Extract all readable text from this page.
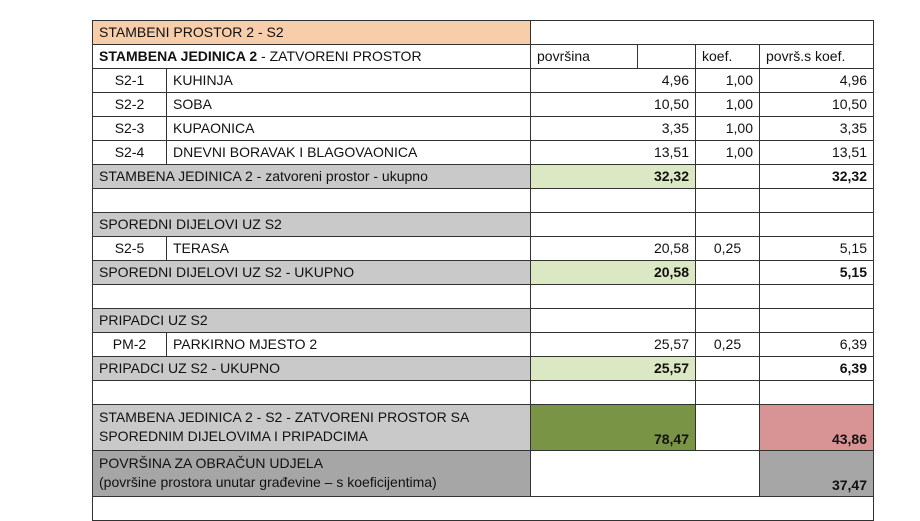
STAMBENI PROSTOR 2 - S2					
STAMBENA JEDINICA 2 - ZATVORENI PROSTOR		površina		koef.	površ.s koef.
S2-1	KUHINJA	4,96		1,00	4,96
S2-2	SOBA	10,50		1,00	10,50
S2-3	KUPAONICA	3,35		1,00	3,35
S2-4	DNEVNI BORAVAK I BLAGOVAONICA	13,51		1,00	13,51
STAMBENA JEDINICA 2 - zatvoreni prostor - ukupno		32,32			32,32

SPOREDNI DIJELOVI UZ S2					
S2-5	TERASA	20,58		0,25	5,15
SPOREDNI DIJELOVI UZ S2 - UKUPNO		20,58			5,15

PRIPADCI UZ S2					
PM-2	PARKIRNO MJESTO 2	25,57		0,25	6,39
PRIPADCI UZ S2 - UKUPNO		25,57			6,39

STAMBENA JEDINICA 2 - S2 - ZATVORENI PROSTOR SA
SPOREDNIM DIJELOVIMA I PRIPADCIMA		78,47			43,86

POVRŠINA ZA OBRAČUN UDJELA
(površine prostora unutar građevine – s koeficijentima)					37,47
